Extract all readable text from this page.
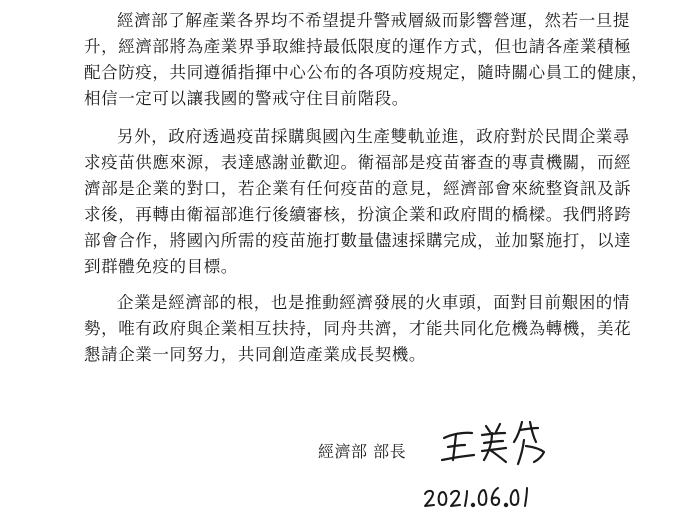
經濟部了解產業各界均不希望提升警戒層級而影響營運，然若一旦提
升，經濟部將為產業界爭取維持最低限度的運作方式，但也請各產業積極
配合防疫，共同遵循指揮中心公布的各項防疫規定，隨時關心員工的健康，
相信一定可以讓我國的警戒守住目前階段。
另外，政府透過疫苗採購與國內生產雙軌並進，政府對於民間企業尋
求疫苗供應來源，表達感謝並歡迎。衛福部是疫苗審查的專責機關，而經
濟部是企業的對口，若企業有任何疫苗的意見，經濟部會來統整資訊及訴
求後，再轉由衛福部進行後續審核，扮演企業和政府間的橋樑。我們將跨
部會合作，將國內所需的疫苗施打數量儘速採購完成，並加緊施打，以達
到群體免疫的目標。
企業是經濟部的根，也是推動經濟發展的火車頭，面對目前艱困的情
勢，唯有政府與企業相互扶持，同舟共濟，才能共同化危機為轉機，美花
懇請企業一同努力，共同創造產業成長契機。
經濟部 部長
